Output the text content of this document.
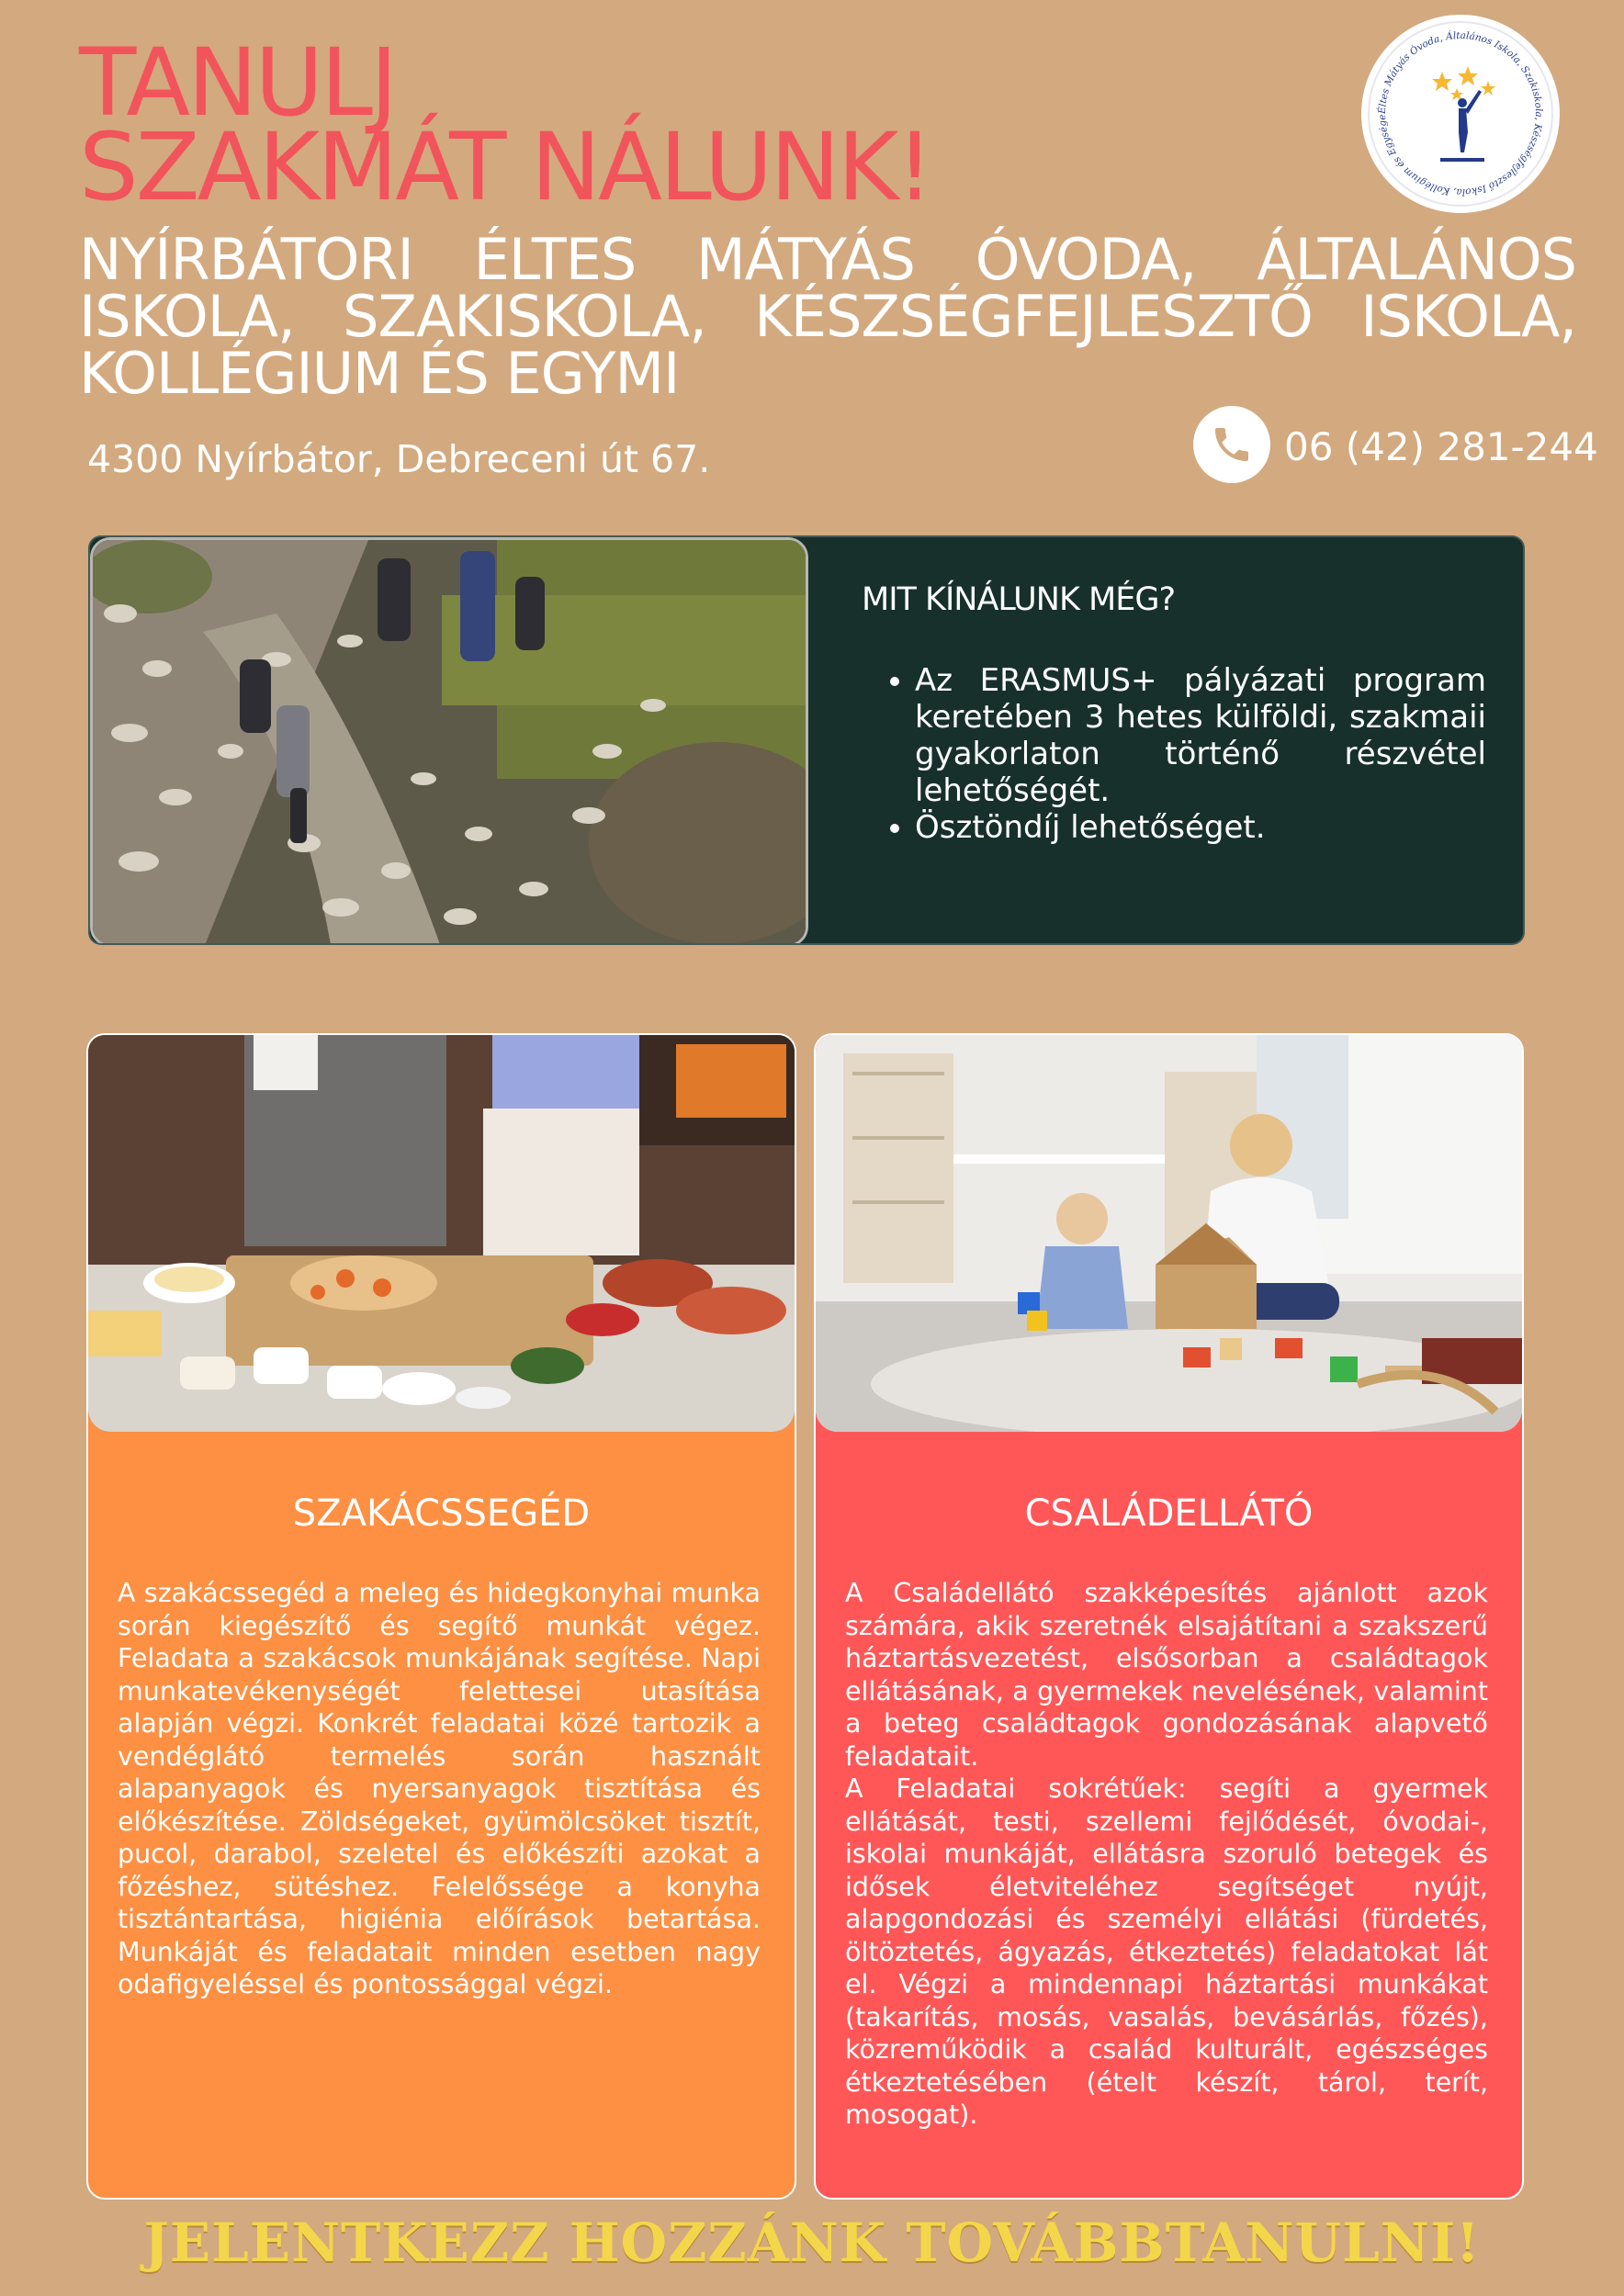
TANULJ
SZAKMÁT NÁLUNK!
NYÍRBÁTORI ÉLTES MÁTYÁS ÓVODA, ÁLTALÁNOS ISKOLA, SZAKISKOLA, KÉSZSÉGFEJLESZTŐ ISKOLA, KOLLÉGIUM ÉS EGYMI
4300 Nyírbátor, Debreceni út 67.	06 (42) 281-244
Éltes Mátyás Óvoda, Általános Iskola, Szakiskola, Készségfejlesztő Iskola, Kollégium és Egysége
MIT KÍNÁLUNK MÉG?
• Az ERASMUS+ pályázati program keretében 3 hetes külföldi, szakmaii gyakorlaton történő részvétel lehetőségét.
• Ösztöndíj lehetőséget.
SZAKÁCSSEGÉD

A szakácssegéd a meleg és hidegkonyhai munka során kiegészítő és segítő munkát végez. Feladata a szakácsok munkájának segítése. Napi munkatevékenységét felettesei utasítása alapján végzi. Konkrét feladatai közé tartozik a vendéglátó termelés során használt alapanyagok és nyersanyagok tisztítása és előkészítése. Zöldségeket, gyümölcsöket tisztít, pucol, darabol, szeletel és előkészíti azokat a főzéshez, sütéshez. Felelőssége a konyha tisztántartása, higiénia előírások betartása. Munkáját és feladatait minden esetben nagy odafigyeléssel és pontossággal végzi.

CSALÁDELLÁTÓ

A Családellátó szakképesítés ajánlott azok számára, akik szeretnék elsajátítani a szakszerű háztartásvezetést, elsősorban a családtagok ellátásának, a gyermekek nevelésének, valamint a beteg családtagok gondozásának alapvető feladatait.

A Feladatai sokrétűek: segíti a gyermek ellátását, testi, szellemi fejlődését, óvodai-, iskolai munkáját, ellátásra szoruló betegek és idősek életviteléhez segítséget nyújt, alapgondozási és személyi ellátási (fürdetés, öltöztetés, ágyazás, étkeztetés) feladatokat lát el. Végzi a mindennapi háztartási munkákat (takarítás, mosás, vasalás, bevásárlás, főzés), közreműködik a család kulturált, egészséges étkeztetésében (ételt készít, tárol, terít, mosogat).

JELENTKEZZ HOZZÁNK TOVÁBBTANULNI!
